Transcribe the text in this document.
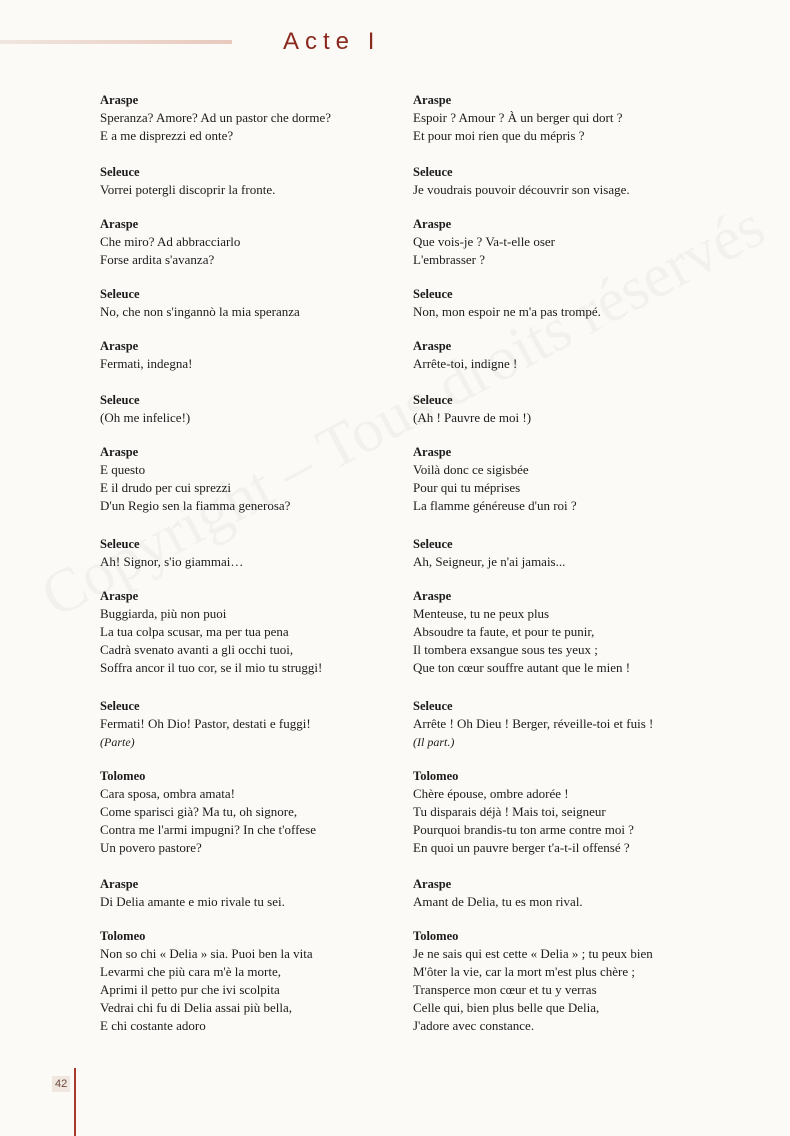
Acte I

Araspe

Speranza? Amore? Ad un pastor che dorme?

E a me disprezzi ed onte?

Seleuce

Vorrei potergli discoprir la fronte.

Araspe

Che miro? Ad abbracciarlo

Forse ardita s'avanza?

Seleuce

No, che non s'ingannò la mia speranza

Araspe

Fermati, indegna!

Seleuce

(Oh me infelice!)

Araspe

E questo

E il drudo per cui sprezzi

D'un Regio sen la fiamma generosa?

Seleuce

Ah! Signor, s'io giammai…

Araspe

Buggiarda, più non puoi

La tua colpa scusar, ma per tua pena

Cadrà svenato avanti a gli occhi tuoi,

Soffra ancor il tuo cor, se il mio tu struggi!

Seleuce

Fermati! Oh Dio! Pastor, destati e fuggi!

(Parte)

Tolomeo

Cara sposa, ombra amata!

Come sparisci già? Ma tu, oh signore,

Contra me l'armi impugni? In che t'offese

Un povero pastore?

Araspe

Di Delia amante e mio rivale tu sei.

Tolomeo

Non so chi « Delia » sia. Puoi ben la vita

Levarmi che più cara m'è la morte,

Aprimi il petto pur che ivi scolpita

Vedrai chi fu di Delia assai più bella,

E chi costante adoro

Araspe

Espoir ? Amour ? À un berger qui dort ?

Et pour moi rien que du mépris ?

Seleuce

Je voudrais pouvoir découvrir son visage.

Araspe

Que vois-je ? Va-t-elle oser

L'embrasser ?

Seleuce

Non, mon espoir ne m'a pas trompé.

Araspe

Arrête-toi, indigne !

Seleuce

(Ah ! Pauvre de moi !)

Araspe

Voilà donc ce sigisbée

Pour qui tu méprises

La flamme généreuse d'un roi ?

Seleuce

Ah, Seigneur, je n'ai jamais...

Araspe

Menteuse, tu ne peux plus

Absoudre ta faute, et pour te punir,

Il tombera exsangue sous tes yeux ;

Que ton cœur souffre autant que le mien !

Seleuce

Arrête ! Oh Dieu ! Berger, réveille-toi et fuis !

(Il part.)

Tolomeo

Chère épouse, ombre adorée !

Tu disparais déjà ! Mais toi, seigneur

Pourquoi brandis-tu ton arme contre moi ?

En quoi un pauvre berger t'a-t-il offensé ?

Araspe

Amant de Delia, tu es mon rival.

Tolomeo

Je ne sais qui est cette « Delia » ; tu peux bien

M'ôter la vie, car la mort m'est plus chère ;

Transperce mon cœur et tu y verras

Celle qui, bien plus belle que Delia,

J'adore avec constance.

42
